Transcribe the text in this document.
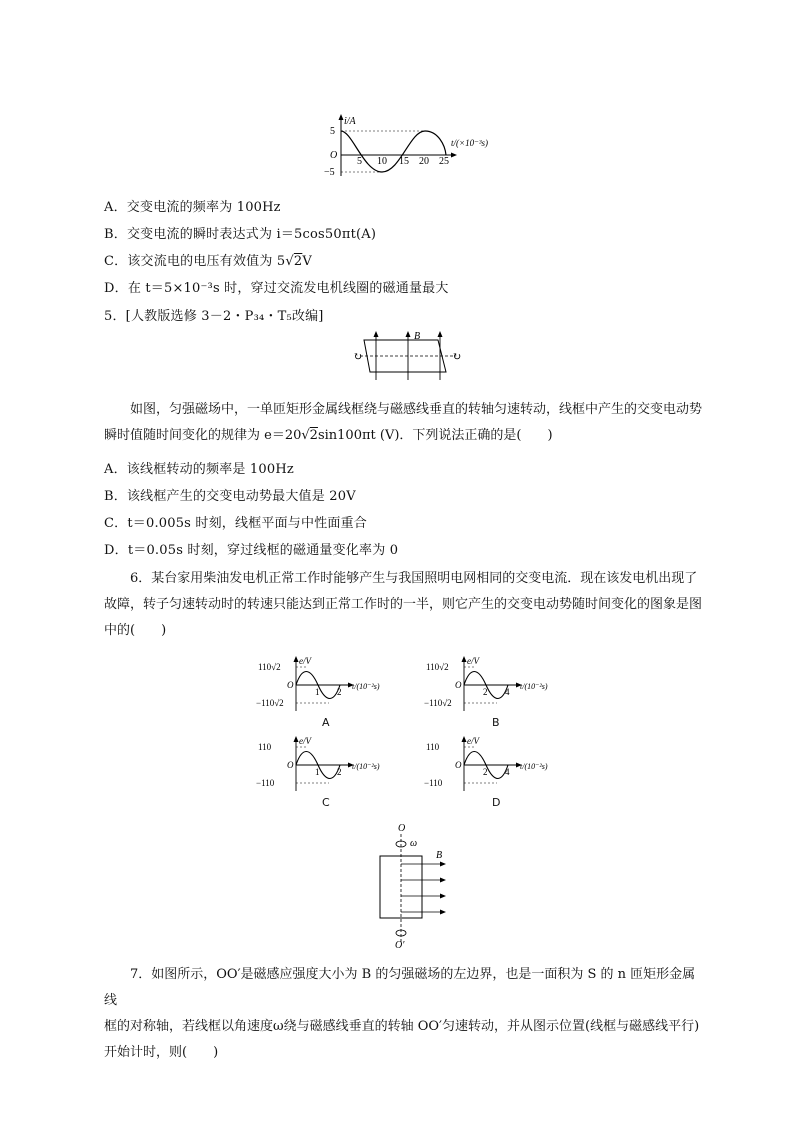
i/A
t/(×10⁻³s)
5
O
−5
5 10 15 20 25
A．交变电流的频率为 100Hz
B．交变电流的瞬时表达式为 i＝5cos50πt(A)
C．该交流电的电压有效值为 5√2V
D．在 t＝5×10⁻³s 时，穿过交流发电机线圈的磁通量最大
5．[人教版选修 3－2・P₃₄・T₅改编]
↻	↻
B
如图，匀强磁场中，一单匝矩形金属线框绕与磁感线垂直的转轴匀速转动，线框中产生的交变电动势
瞬时值随时间变化的规律为 e＝20√2sin100πt (V)．下列说法正确的是(　　)
A．该线框转动的频率是 100Hz
B．该线框产生的交变电动势最大值是 20V
C．t＝0.005s 时刻，线框平面与中性面重合
D．t＝0.05s 时刻，穿过线框的磁通量变化率为 0
6．某台家用柴油发电机正常工作时能够产生与我国照明电网相同的交变电流．现在该发电机出现了
故障，转子匀速转动时的转速只能达到正常工作时的一半，则它产生的交变电动势随时间变化的图象是图
中的(　　)
e/V
110√2
O
−110√2
1 2
t/(10⁻²s)
A
e/V
110√2
O
−110√2
2 4
t/(10⁻²s)
B
e/V
110
O
−110
1 2
t/(10⁻²s)
C
e/V
110
O
−110
2 4
t/(10⁻²s)
D
O
ω
B
O′
7．如图所示，OO′是磁感应强度大小为 B 的匀强磁场的左边界，也是一面积为 S 的 n 匝矩形金属线
框的对称轴，若线框以角速度ω绕与磁感线垂直的转轴 OO′匀速转动，并从图示位置(线框与磁感线平行)
开始计时，则(　　)
